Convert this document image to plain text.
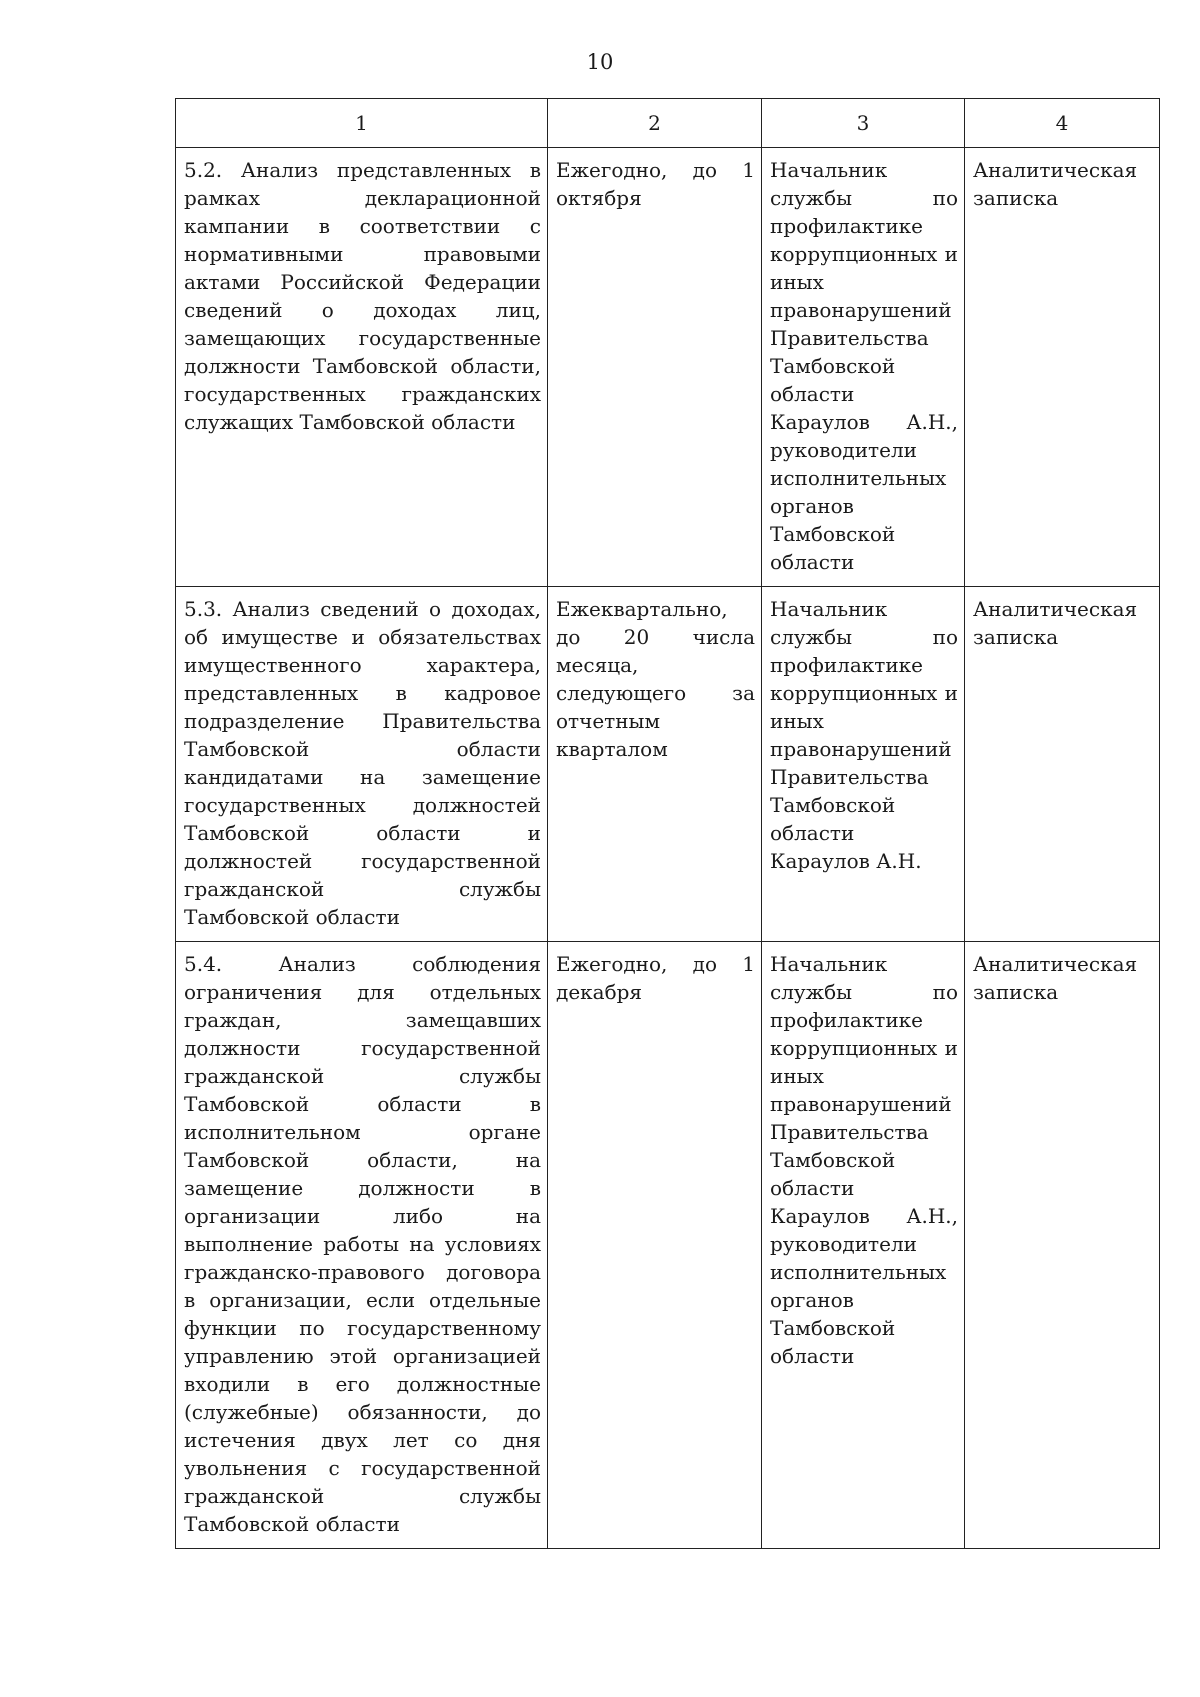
10
1	2	3	4
5.2. Анализ представленных в рамках декларационной кампании в соответствии с нормативными правовыми актами Российской Федерации сведений о доходах лиц, замещающих государственные должности Тамбовской области, государственных гражданских служащих Тамбовской области	Ежегодно, до 1 октября	Начальник службы по профилактике коррупционных и иных правонарушений Правительства Тамбовской области Караулов А.Н., руководители исполнительных органов Тамбовской области	Аналитическая записка
5.3. Анализ сведений о доходах, об имуществе и обязательствах имущественного характера, представленных в кадровое подразделение Правительства Тамбовской области кандидатами на замещение государственных должностей Тамбовской области и должностей государственной гражданской службы Тамбовской области	Ежеквартально, до 20 числа месяца, следующего за отчетным кварталом	Начальник службы по профилактике коррупционных и иных правонарушений Правительства Тамбовской области Караулов А.Н.	Аналитическая записка
5.4. Анализ соблюдения ограничения для отдельных граждан, замещавших должности государственной гражданской службы Тамбовской области в исполнительном органе Тамбовской области, на замещение должности в организации либо на выполнение работы на условиях гражданско-правового договора в организации, если отдельные функции по государственному управлению этой организацией входили в его должностные (служебные) обязанности, до истечения двух лет со дня увольнения с государственной гражданской службы Тамбовской области	Ежегодно, до 1 декабря	Начальник службы по профилактике коррупционных и иных правонарушений Правительства Тамбовской области Караулов А.Н., руководители исполнительных органов Тамбовской области	Аналитическая записка
